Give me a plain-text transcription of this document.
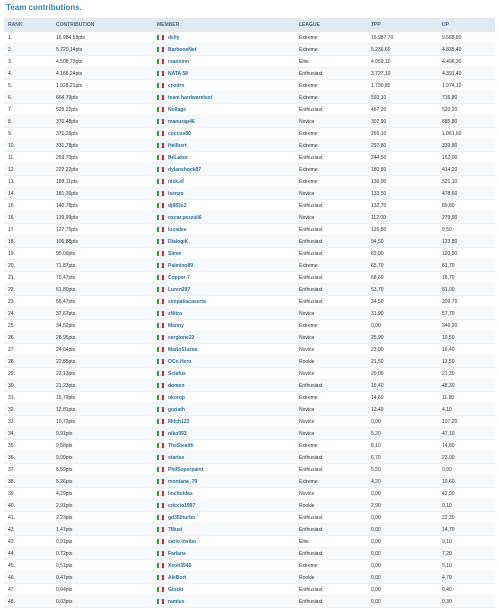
Team contributions.
RANK	CONTRIBUTION	MEMBER	LEAGUE	TPP	UP
1.	16.984,58pts	delly	Extreme	15.987,70	9.668,80
2.	5.720,14pts	BarbooeNet	Extreme	5.236,60	4.835,40
3.	4.508,73pts	rsannino	Elite	4.059,10	4.496,30
4.	4.166,24pts	NATA 58	Enthusiast	3.727,10	4.391,40
5.	1.928,21pts	cnzdrn	Extreme	1.730,80	1.974,10
6.	664,79pts	team hardwaretest	Extreme	593,10	716,80
7.	529,22pts	Nollage	Enthusiast	467,20	520,20
8.	376,48pts	manurap46	Novice	307,90	685,80
9.	371,26pts	coccus80	Extreme	265,10	1.061,60
10.	331,78pts	Hellbert	Extreme	297,80	339,80
11.	259,70pts	BeLakor	Enthusiast	244,50	152,00
12.	222,22pts	dylanshock87	Extreme	180,80	414,20
13.	188,11pts	nick.sf	Extreme	136,00	521,10
14.	181,36pts	isenzo	Novice	133,50	478,60
15.	140,78pts	dj883s2	Enthusiast	132,70	80,80
16.	139,99pts	oscar.pezzali6	Novice	112,00	279,90
17.	127,75pts	lucadee	Enthusiast	126,80	9,50
18.	106,88pts	DialogiK	Enthusiast	94,50	123,80
19.	95,09pts	Slime	Enthusiast	83,00	120,90
20.	71,87pts	Palmino89	Extreme	65,70	61,70
21.	70,47pts	Copper-7	Enthusiast	68,60	18,70
22.	61,80pts	Luren297	Enthusiast	53,70	81,00
23.	55,47pts	simpatiacaserta	Enthusiast	34,50	209,70
24.	37,67pts	zNitro	Novice	31,90	57,70
25.	34,62pts	Manny	Extreme	0,00	346,20
26.	26,95pts	sergione22	Novice	25,90	10,50
27.	24,64pts	Mario51area	Novice	23,00	16,40
28.	22,85pts	OCn.Hero	Rookie	21,50	13,50
29.	22,13pts	Sclafus	Novice	20,00	21,30
30.	21,23pts	domen	Enthusiast	16,40	48,30
31.	15,79pts	okorop	Extreme	14,60	11,90
32.	12,81pts	goriath	Novice	12,40	4,10
33.	10,72pts	Mitch123	Novice	0,00	107,20
34.	9,91pts	niko993	Novice	5,20	47,10
35.	9,58pts	TheStealth	Extreme	8,10	14,80
36.	9,00pts	starise	Enthusiast	6,70	23,00
37.	5,59pts	PhilSuperpaint	Enthusiast	5,50	0,90
38.	5,26pts	montana_79	Extreme	4,20	10,60
39.	4,29pts	lincholdas	Novice	0,00	42,90
40.	2,91pts	criccio1997	Rookie	2,90	0,10
41.	2,23pts	gd350turbo	Enthusiast	0,00	22,30
42.	1,47pts	7Must	Enthusiast	0,00	14,70
43.	0,91pts	carlo.lovibo	Elite	0,00	9,10
44.	0,72pts	Farlans	Enthusiast	0,00	7,20
45.	0,51pts	Xeon3540	Extreme	0,00	5,10
46.	0,47pts	AleBort	Rookie	0,00	4,70
47.	0,04pts	Gioski	Enthusiast	0,00	0,40
48.	0,03pts	ramius	Enthusiast	0,00	0,30
